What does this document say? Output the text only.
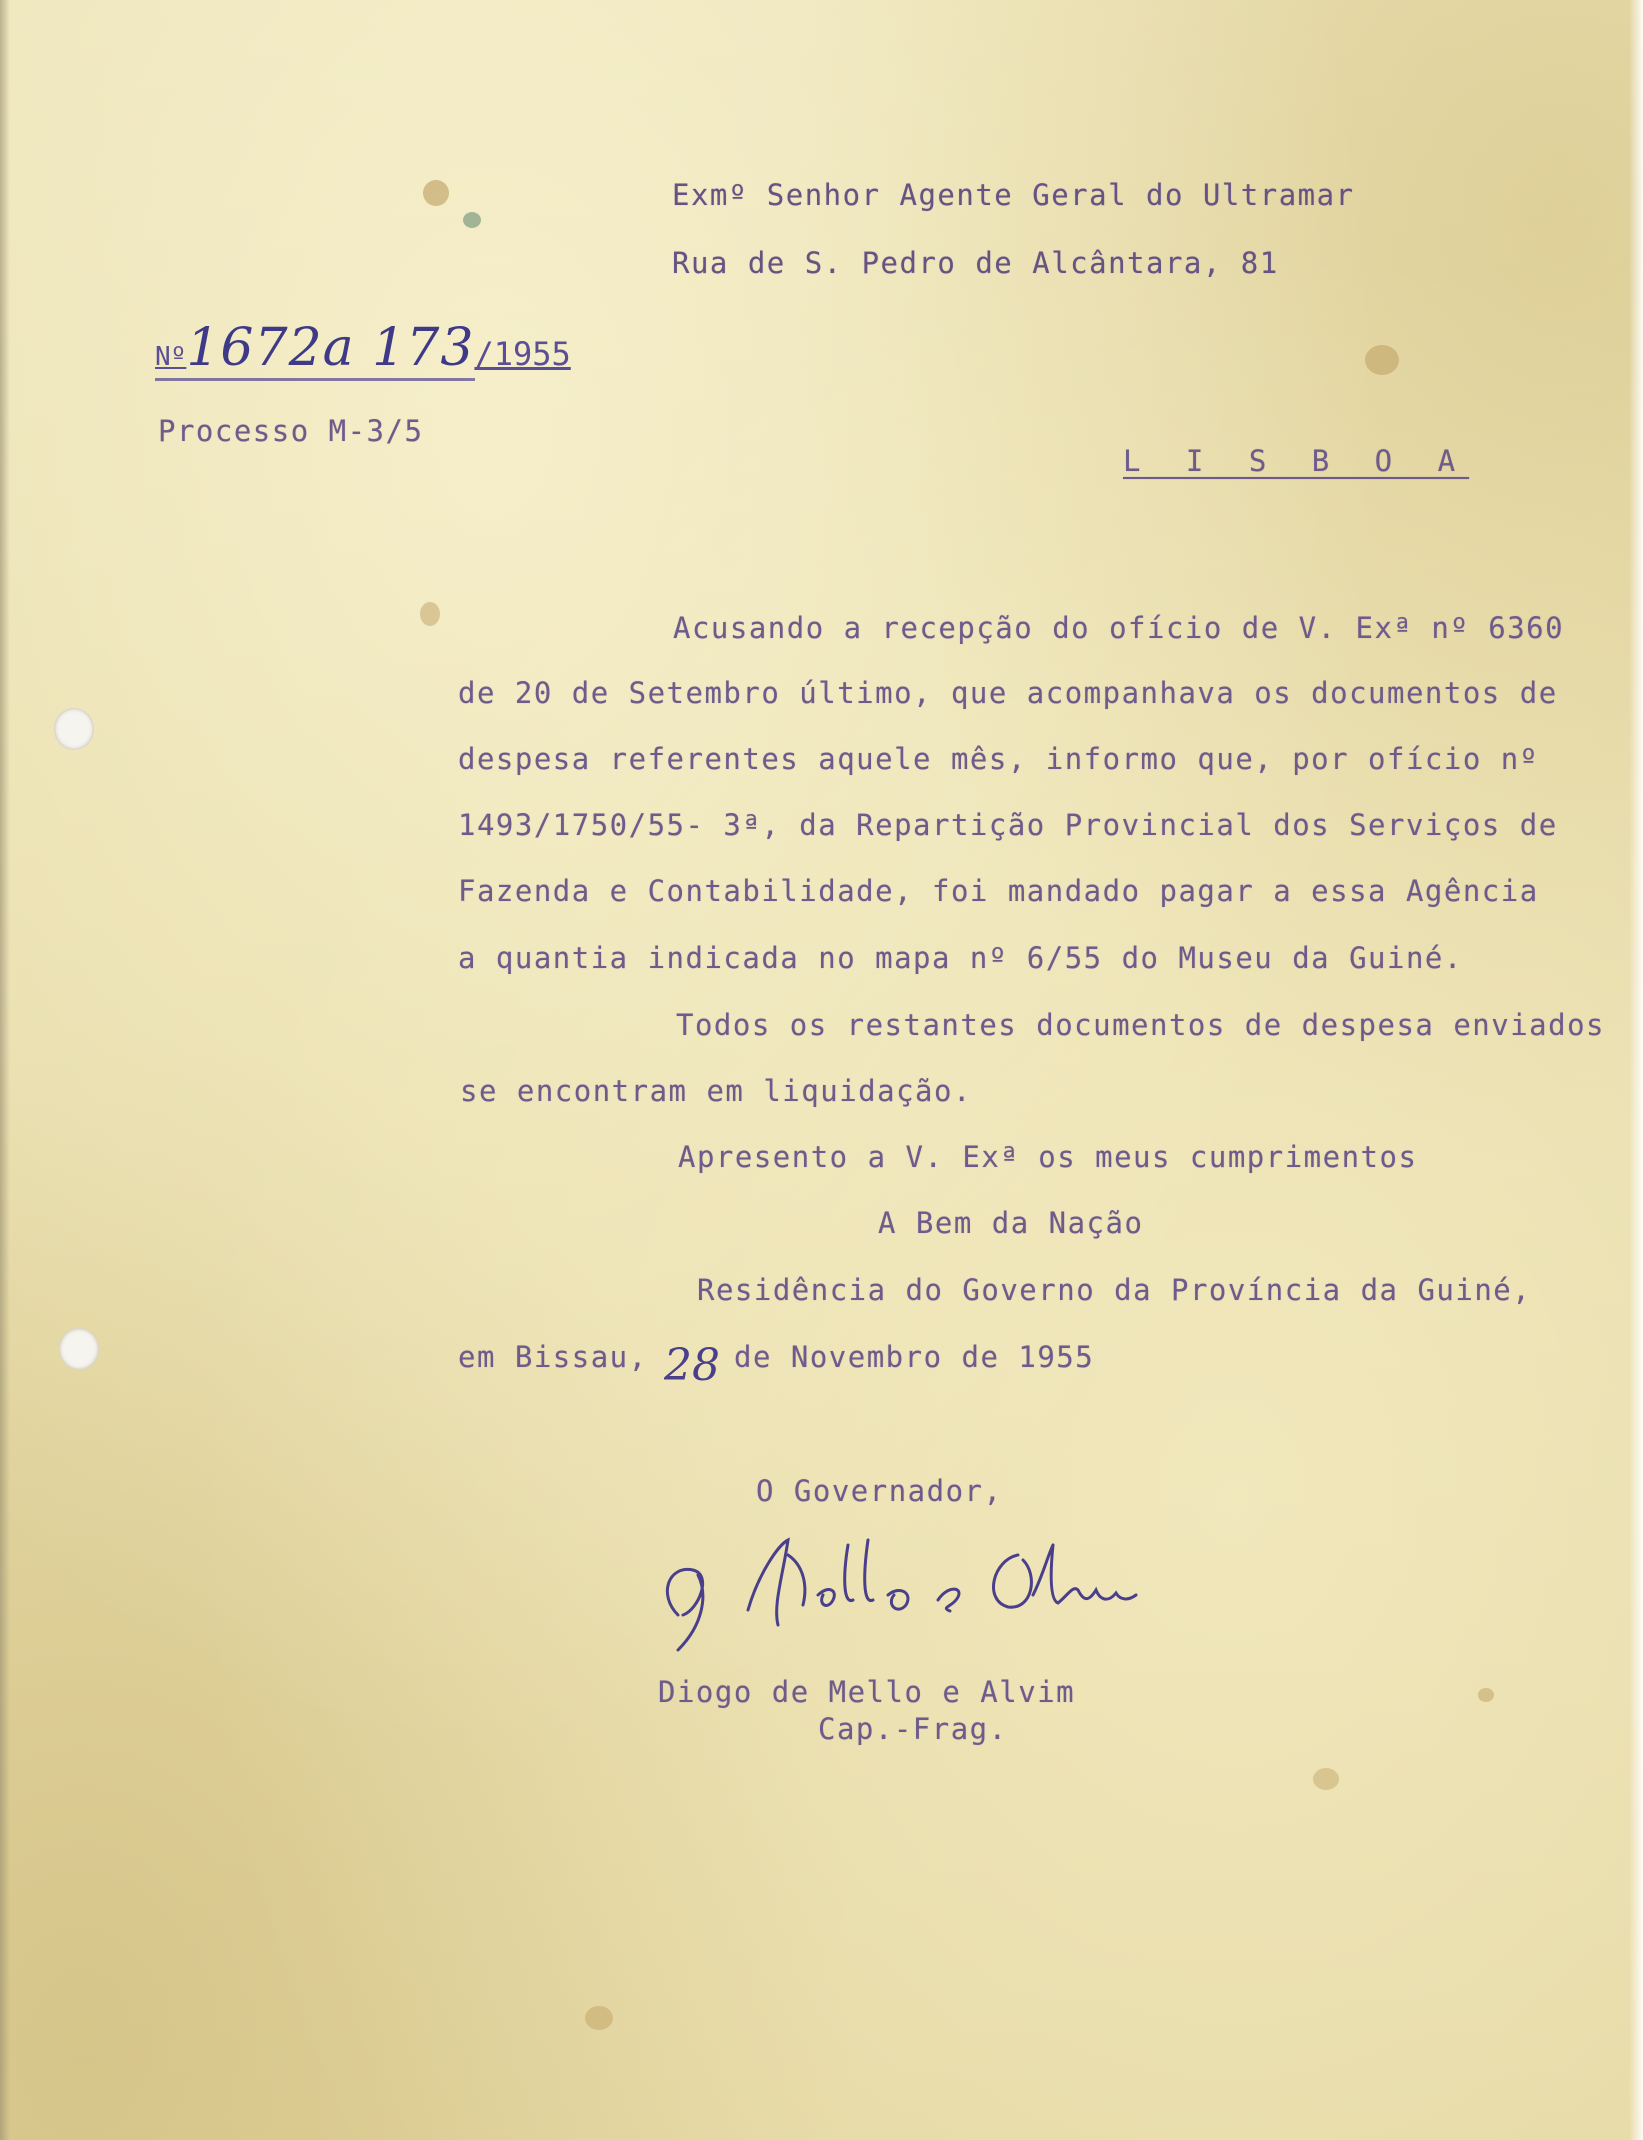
Exmº Senhor Agente Geral do Ultramar
Rua de S. Pedro de Alcântara, 81
Nº1672a 173/1955
Processo M-3/5
L I S B O A
Acusando a recepção do ofício de V. Exª nº 6360
de 20 de Setembro último, que acompanhava os documentos de
despesa referentes aquele mês, informo que, por ofício nº
1493/1750/55- 3ª, da Repartição Provincial dos Serviços de
Fazenda e Contabilidade, foi mandado pagar a essa Agência
a quantia indicada no mapa nº 6/55 do Museu da Guiné.
Todos os restantes documentos de despesa enviados
se encontram em liquidação.
Apresento a V. Exª os meus cumprimentos
A Bem da Nação
Residência do Governo da Província da Guiné,
em Bissau, 28 de Novembro de 1955
O Governador,
Diogo de Mello e Alvim
Cap.-Frag.
